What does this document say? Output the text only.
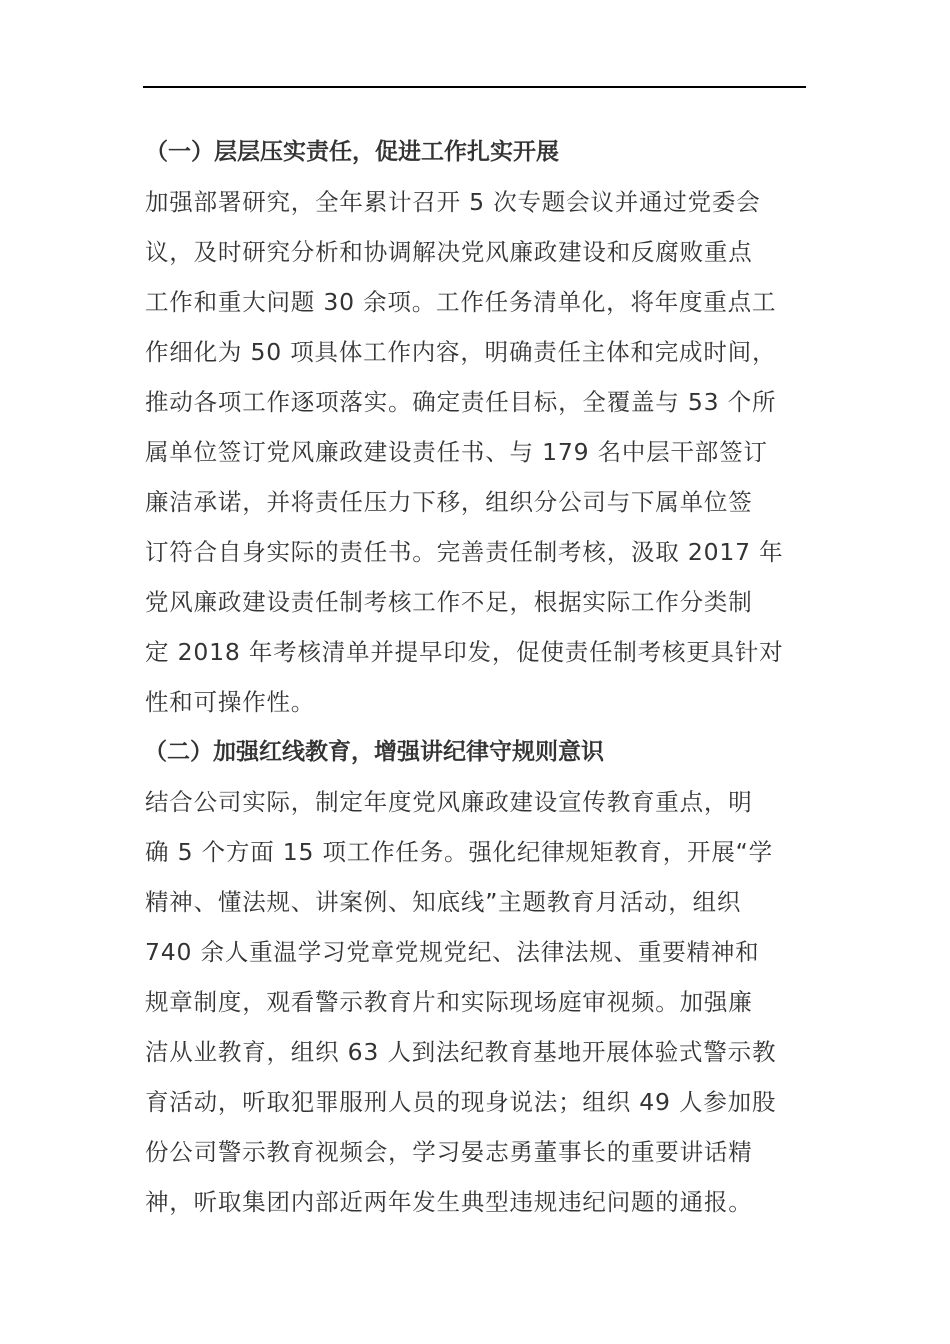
（一）层层压实责任，促进工作扎实开展
加强部署研究，全年累计召开 5 次专题会议并通过党委会
议，及时研究分析和协调解决党风廉政建设和反腐败重点
工作和重大问题 30 余项。工作任务清单化，将年度重点工
作细化为 50 项具体工作内容，明确责任主体和完成时间，
推动各项工作逐项落实。确定责任目标，全覆盖与 53 个所
属单位签订党风廉政建设责任书、与 179 名中层干部签订
廉洁承诺，并将责任压力下移，组织分公司与下属单位签
订符合自身实际的责任书。完善责任制考核，汲取 2017 年
党风廉政建设责任制考核工作不足，根据实际工作分类制
定 2018 年考核清单并提早印发，促使责任制考核更具针对
性和可操作性。
（二）加强红线教育，增强讲纪律守规则意识
结合公司实际，制定年度党风廉政建设宣传教育重点，明
确 5 个方面 15 项工作任务。强化纪律规矩教育，开展“学
精神、懂法规、讲案例、知底线”主题教育月活动，组织
740 余人重温学习党章党规党纪、法律法规、重要精神和
规章制度，观看警示教育片和实际现场庭审视频。加强廉
洁从业教育，组织 63 人到法纪教育基地开展体验式警示教
育活动，听取犯罪服刑人员的现身说法；组织 49 人参加股
份公司警示教育视频会，学习晏志勇董事长的重要讲话精
神，听取集团内部近两年发生典型违规违纪问题的通报。
